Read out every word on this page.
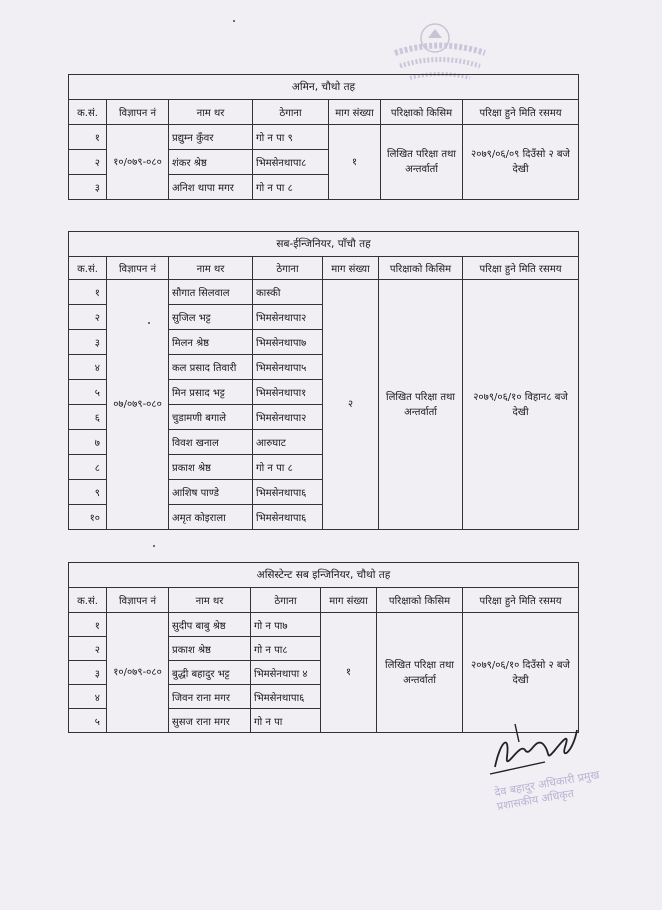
अमिन, चौथो तह						
क.सं.	विज्ञापन नं	नाम थर	ठेगाना	माग संख्या	परिक्षाको किसिम	परिक्षा हुने मिति रसमय
१	१०/०७९-०८०	प्रद्युम्न कुँवर	गो न पा ९	१	लिखित परिक्षा तथा अन्तर्वार्ता	२०७९/०६/०९ दिउँसो २ बजे देखी
२		शंकर श्रेष्ठ	भिमसेनथापा८			
३		अनिश थापा मगर	गो न पा ८			
सब-ईन्जिनियर, पाँचौ तह						
क.सं.	विज्ञापन नं	नाम थर	ठेगाना	माग संख्या	परिक्षाको किसिम	परिक्षा हुने मिति रसमय
१	०७/०७९-०८०	सौगात सिलवाल	कास्की	२	लिखित परिक्षा तथा अन्तर्वार्ता	२०७९/०६/१० विहान८ बजे देखी
२		सुजिल भट्ट	भिमसेनथापा२			
३		मिलन श्रेष्ठ	भिमसेनथापा७			
४		कल प्रसाद तिवारी	भिमसेनथापा५			
५		मिन प्रसाद भट्ट	भिमसेनथापा१			
६		चुडामणी बगाले	भिमसेनथापा२			
७		विवश खनाल	आरुघाट			
८		प्रकाश श्रेष्ठ	गो न पा ८			
९		आशिष पाण्डे	भिमसेनथापा६			
१०		अमृत कोइराला	भिमसेनथापा६			
असिस्टेन्ट सब इन्जिनियर, चौथो तह						
क.सं.	विज्ञापन नं	नाम थर	ठेगाना	माग संख्या	परिक्षाको किसिम	परिक्षा हुने मिति रसमय
१	१०/०७९-०८०	सुदीप बाबु श्रेष्ठ	गो न पा७	१	लिखित परिक्षा तथा अन्तर्वार्ता	२०७९/०६/१० दिउँसो २ बजे देखी
२		प्रकाश श्रेष्ठ	गो न पा८			
३		बुद्धी बहादुर भट्ट	भिमसेनथापा ४			
४		जिवन राना मगर	भिमसेनथापा६			
५		सुसज राना मगर	गो न पा			
देव बहादुर अधिकारी प्रमुख प्रशासकीय अधिकृत
